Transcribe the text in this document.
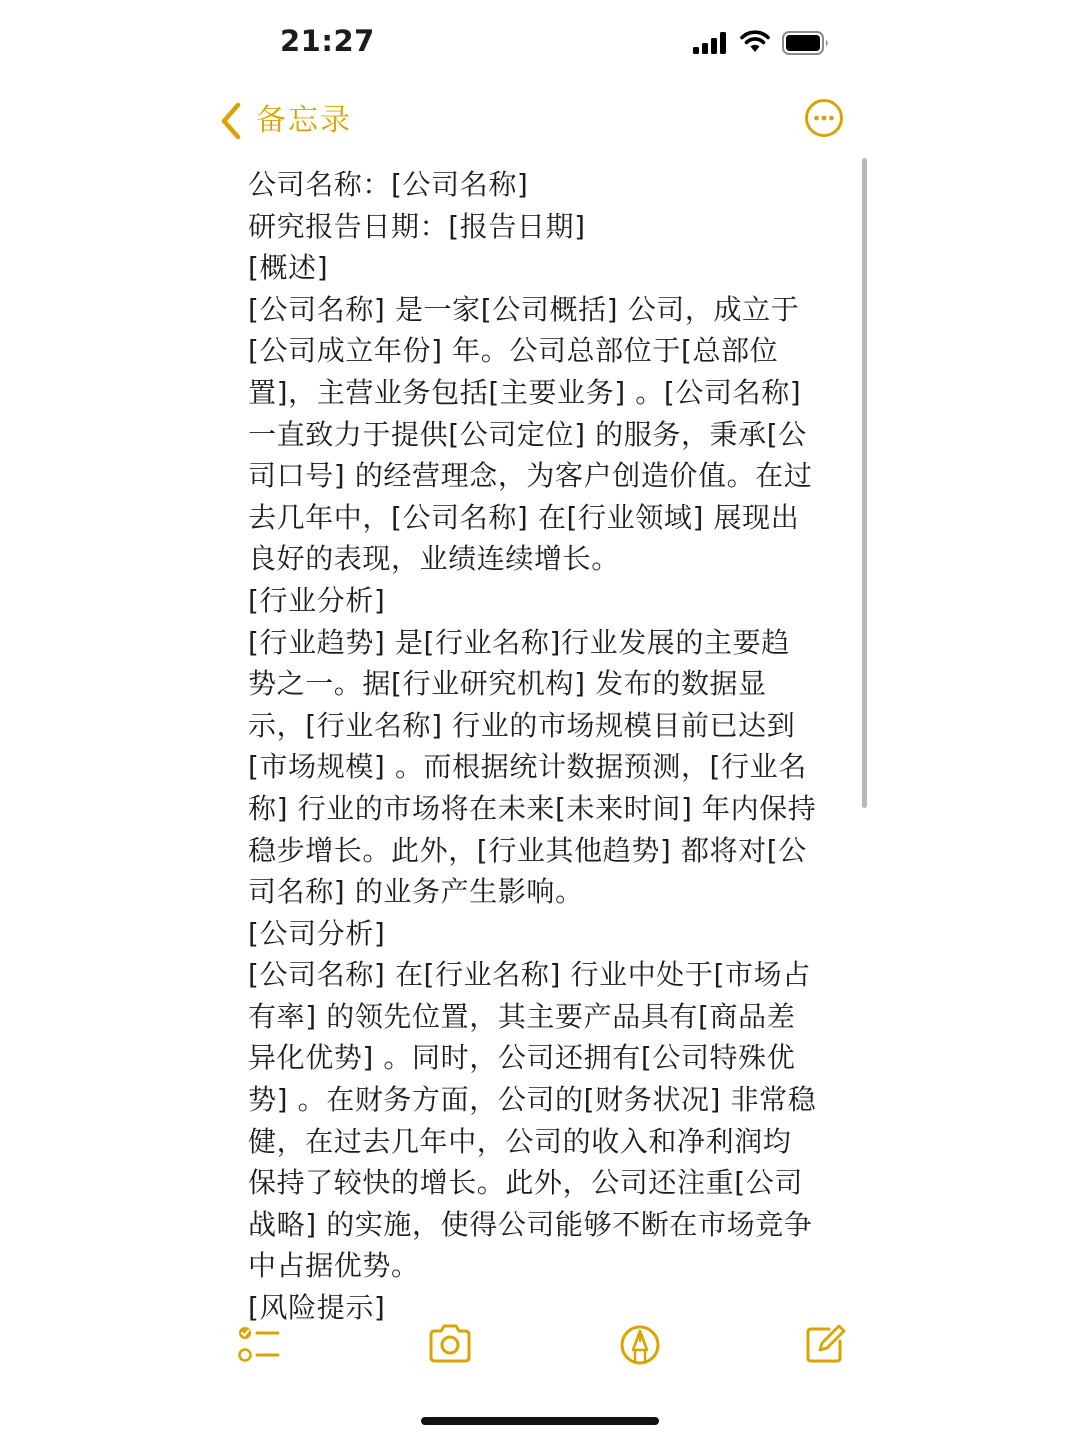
21:27
备忘录
公司名称：[公司名称]
研究报告日期：[报告日期]
[概述]
[公司名称] 是一家[公司概括] 公司，成立于
[公司成立年份] 年。公司总部位于[总部位
置]，主营业务包括[主要业务] 。[公司名称]
一直致力于提供[公司定位] 的服务，秉承[公
司口号] 的经营理念，为客户创造价值。在过
去几年中，[公司名称] 在[行业领域] 展现出
良好的表现，业绩连续增长。
[行业分析]
[行业趋势] 是[行业名称]行业发展的主要趋
势之一。据[行业研究机构] 发布的数据显
示，[行业名称] 行业的市场规模目前已达到
[市场规模] 。而根据统计数据预测，[行业名
称] 行业的市场将在未来[未来时间] 年内保持
稳步增长。此外，[行业其他趋势] 都将对[公
司名称] 的业务产生影响。
[公司分析]
[公司名称] 在[行业名称] 行业中处于[市场占
有率] 的领先位置，其主要产品具有[商品差
异化优势] 。同时，公司还拥有[公司特殊优
势] 。在财务方面，公司的[财务状况] 非常稳
健，在过去几年中，公司的收入和净利润均
保持了较快的增长。此外，公司还注重[公司
战略] 的实施，使得公司能够不断在市场竞争
中占据优势。
[风险提示]
